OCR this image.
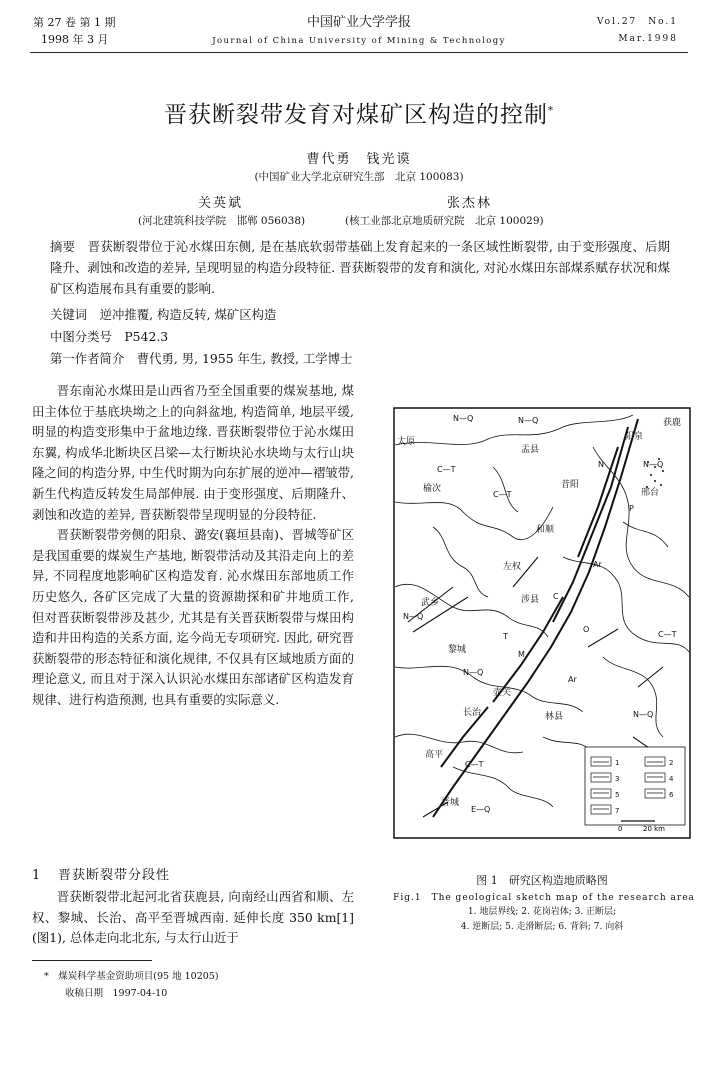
第 27 卷 第 1 期
1998 年 3 月
中国矿业大学学报
Journal of China University of Mining & Technology
Vol.27　No.1
Mar.1998
晋获断裂带发育对煤矿区构造的控制*
曹代勇　钱光谟
(中国矿业大学北京研究生部　北京 100083)
关英斌	张杰林
(河北建筑科技学院　邯郸 056038)	(核工业部北京地质研究院　北京 100029)

摘要　 晋获断裂带位于沁水煤田东侧, 是在基底软弱带基础上发育起来的一条区域性断裂带, 由于变形强度、后期隆升、剥蚀和改造的差异, 呈现明显的构造分段特征. 晋获断裂带的发育和演化, 对沁水煤田东部煤系赋存状况和煤矿区构造展布具有重要的影响.

关键词　 逆冲推覆, 构造反转, 煤矿区构造
中图分类号　 P542.3
第一作者简介　 曹代勇, 男, 1955 年生, 教授, 工学博士

晋东南沁水煤田是山西省乃至全国重要的煤炭基地, 煤田主体位于基底块坳之上的向斜盆地, 构造简单, 地层平缓, 明显的构造变形集中于盆地边缘. 晋获断裂带位于沁水煤田东翼, 构成华北断块区吕梁—太行断块沁水块坳与太行山块隆之间的构造分界, 中生代时期为向东扩展的逆冲—褶皱带, 新生代构造反转发生局部伸展. 由于变形强度、后期隆升、剥蚀和改造的差异, 晋获断裂带呈现明显的分段特征.

晋获断裂带旁侧的阳泉、潞安(襄垣县南)、晋城等矿区是我国重要的煤炭生产基地, 断裂带活动及其沿走向上的差异, 不同程度地影响矿区构造发育. 沁水煤田东部地质工作历史悠久, 各矿区完成了大量的资源勘探和矿井地质工作, 但对晋获断裂带涉及甚少, 尤其是有关晋获断裂带与煤田构造和井田构造的关系方面, 迄今尚无专项研究. 因此, 研究晋获断裂带的形态特征和演化规律, 不仅具有区域地质方面的理论意义, 而且对于深入认识沁水煤田东部诸矿区构造发育规律、进行构造预测, 也具有重要的实际意义.

1 晋获断裂带分段性

晋获断裂带北起河北省获鹿县, 向南经山西省和顺、左权、黎城、长治、高平至晋城西南. 延伸长度 350 km[1](图1), 总体走向北北东, 与太行山近于

*　 煤炭科学基金资助项目(95 地 10205)
收稿日期　1997-04-10
太原
盂县
获鹿
阳泉
昔阳
邢台
榆次
和顺
左权
武乡	涉县
黎城
长治
壶关
林县
高平
晋城
N—Q	N—Q
N—Q
C—T
C—T
C—T
N—Q
N—Q
N—Q
C—T
E—Q
Ar
Ar
O
C
P
T
M
N
1	2
3	4
5	6
7
0	20 km
图 1　研究区构造地质略图
Fig.1　The geological sketch map of the research area
1. 地层界线; 2. 花岗岩体; 3. 正断层;
4. 逆断层; 5. 走滑断层; 6. 背斜; 7. 向斜
